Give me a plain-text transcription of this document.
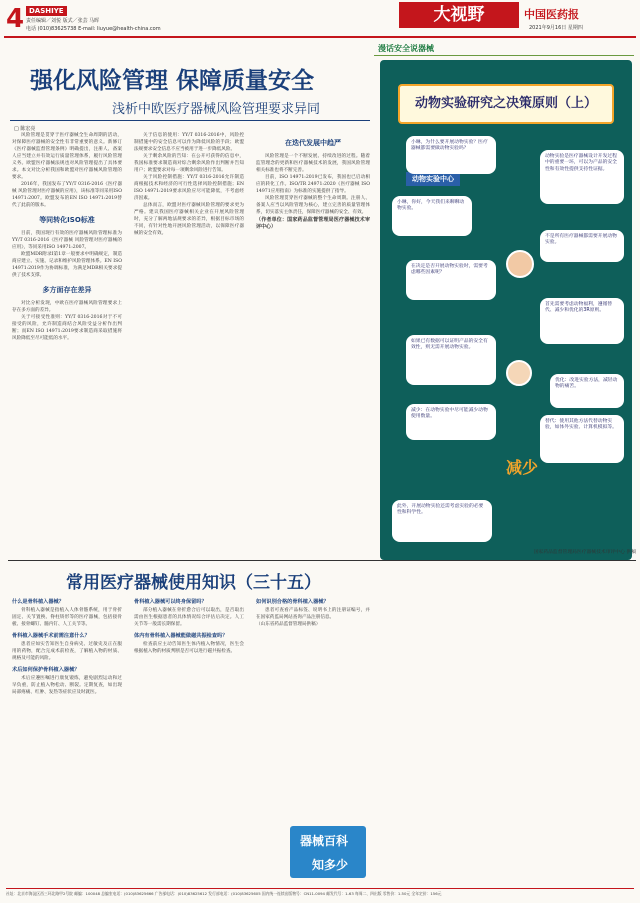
4 DASHIYE
责任编辑／刘悦 版式／张芸 马晖
电话 (010)83625738 E-mail: liuyue@health-china.com
大视野	中国医药报
2021年9月16日 星期四
强化风险管理 保障质量安全
浅析中欧医疗器械风险管理要求异同
□ 陈宏亮

风险管理是贯穿于医疗器械全生命周期的活动，对保障医疗器械的安全性有非常重要的意义。新修订《医疗器械监督管理条例》明确提出，注册人、备案人应当建立并有效运行质量管理体系，履行风险管理义务。欧盟医疗器械法规也对风险管理提出了具体要求。本文对比分析我国和欧盟对医疗器械风险管理的要求。

2016年，我国发布了YY/T 0316-2016《医疗器械 风险管理对医疗器械的应用》，该标准等同采用ISO 14971:2007。欧盟发布的EN ISO 14971:2019替代了此前的版本。

等同转化ISO标准

目前，我国现行有效的医疗器械风险管理标准为YY/T 0316-2016《医疗器械 风险管理对医疗器械的应用》，等同采用ISO 14971:2007。

欧盟MDR附录I第1章一般要求中明确规定，制造商应建立、实施、记录和维护风险管理体系。EN ISO 14971:2019作为协调标准，为满足MDR相关要求提供了技术支撑。

多方面存在差异

对比分析发现，中欧在医疗器械风险管理要求上存在多方面的差异。

关于可接受性准则：YY/T 0316-2016对于不可接受的风险，允许制造商结合风险受益分析作出判断；而EN ISO 14971:2019要求制造商采取措施将风险降低至尽可能低的水平。

关于信息的使用：YY/T 0316-2016中，风险控制措施中的安全信息可以作为降低风险的手段；欧盟法规要求安全信息不应当被用于进一步降低风险。

关于剩余风险的告知：在公开可获得的信息中，我国标准要求制造商对综合剩余风险作出判断并告知用户；欧盟要求对每一项剩余风险进行告知。

关于风险控制措施：YY/T 0316-2016允许制造商根据技术和经济的可行性选择风险控制措施；EN ISO 14971:2019要求风险应尽可能降低，不考虑经济因素。

总体而言，欧盟对医疗器械风险管理的要求更为严格。建议我国医疗器械相关企业在开展风险管理时，充分了解两地法规要求的差异，根据目标市场的不同，有针对性地开展风险管理活动，以保障医疗器械的安全有效。

在迭代发展中趋严

风险管理是一个不断发展、持续改进的过程。随着监管理念的更新和医疗器械技术的发展，我国风险管理相关标准也将不断完善。

目前，ISO 14971:2019已发布，我国也已启动相应的转化工作。ISO/TR 24971:2020《医疗器械 ISO 14971应用指南》为标准的实施提供了指导。

风险管理贯穿医疗器械的整个生命周期。注册人、备案人应当以风险管理为核心，建立完善的质量管理体系，切实落实主体责任，保障医疗器械的安全、有效。

（作者单位：国家药品监督管理局医疗器械技术审评中心）

漫话安全说器械
动物实验研究之决策原则（上）
动物实验中心
小琳，为什么要开展动物实验？医疗器械都需要做动物实验吗？
小琳，你好，今天我们来聊聊动物实验。
动物实验是医疗器械设计开发过程中的重要一环，可以为产品的安全性和有效性提供支持性证据。
不是所有医疗器械都需要开展动物实验。
在决定是否开展动物实验时，需要考虑哪些因素呢？
首先需要考虑动物福利，遵循替代、减少和优化的3R原则。
如果已有数据可以证明产品的安全有效性，则无需开展动物实验。
减少：在动物实验中尽可能减少动物使用数量。
优化：改进实验方法，减轻动物的痛苦。
替代：使用其他方法代替动物实验，如体外实验、计算机模拟等。
此外，开展动物实验还需考虑实验的必要性和科学性。
减少
国家药品监督管理局医疗器械技术审评中心 供稿
常用医疗器械使用知识（三十五）

什么是骨科植入器械？

骨科植入器械是指植入人体骨骼系统，用于骨折固定、关节置换、脊柱矫形等的医疗器械，包括接骨板、接骨螺钉、髓内钉、人工关节等。

骨科植入器械手术前需注意什么？

患者应如实告知医生自身病史、过敏史及正在服用的药物，配合完成术前检查，了解植入物的材质、规格及可能的风险。

术后如何保护骨科植入器械？

术后应遵医嘱进行康复锻炼，避免剧烈运动和过早负重，防止植入物松动、断裂。定期复查，如出现局部疼痛、红肿、发热等症状应及时就医。

骨科植入器械可以终身保留吗？

部分植入器械在骨折愈合后可以取出，是否取出需由医生根据患者的具体情况综合评估后决定。人工关节等一般需长期保留。

体内有骨科植入器械能做磁共振检查吗？

检查前应主动告知医生体内植入物情况，医生会根据植入物的材质判断是否可以进行磁共振检查。

如何识别合格的骨科植入器械？

患者可查看产品标签、说明书上的注册证编号，并在国家药监局网站查询产品注册信息。

（山东省药品监督管理局供稿）

器械百科
知多少
社址：北京市海淀区西三环北路甲2号院 邮编：100048 总编室电话：(010)83625666 广告部电话：(010)83625612 发行部电话：(010)83625605 国内统一连续出版物号：CN11-0094 邮发代号：1-63 每周二、四出版 零售价：1.50元 全年定价：156元
